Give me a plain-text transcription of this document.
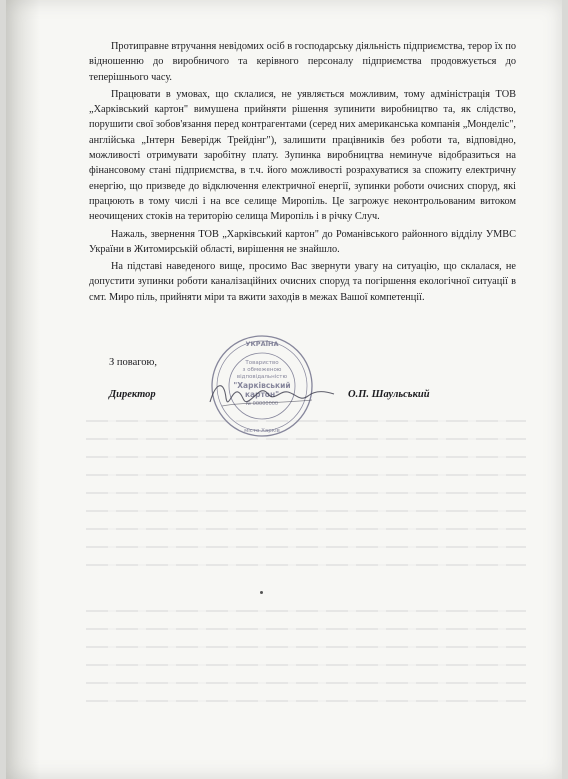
Протиправне втручання невідомих осіб в господарську діяльність підприємства, терор їх по відношенню до виробничого та керівного персоналу підприємства продовжується до теперішнього часу.

Працювати в умовах, що склалися, не уявляється можливим, тому адміністрація ТОВ „Харківський картон" вимушена прийняти рішення зупинити виробництво та, як слідство, порушити свої зобов'язання перед контрагентами (серед них американська компанія „Монделіс", англійська „Інтерн Беверідж Трейдінг"), залишити працівників без роботи та, відповідно, можливості отримувати заробітну плату. Зупинка виробництва неминуче відобразиться на фінансовому стані підприємства, в т.ч. його можливості розрахуватися за спожиту електричну енергію, що призведе до відключення електричної енергії, зупинки роботи очисних споруд, які працюють в тому числі і на все селище Миропіль. Це загрожує неконтрольованим витоком неочищених стоків на територію селища Миропіль і в річку Случ.

Нажаль, звернення ТОВ „Харківський картон" до Романівського районного відділу УМВС України в Житомирській області, вирішення не знайшло.

На підставі наведеного вище, просимо Вас звернути увагу на ситуацію, що склалася, не допустити зупинки роботи каналізаційних очисних споруд та погіршення екологічної ситуації в смт. Миро піль, прийняти міри та вжити заходів в межах Вашої компетенції.

З повагою,
Директор	О.П. Шаульський
УКРАЇНА
Товариство
з обмеженою
відповідальністю
"Харківський
картон"
№ 00000000
місто Харків
